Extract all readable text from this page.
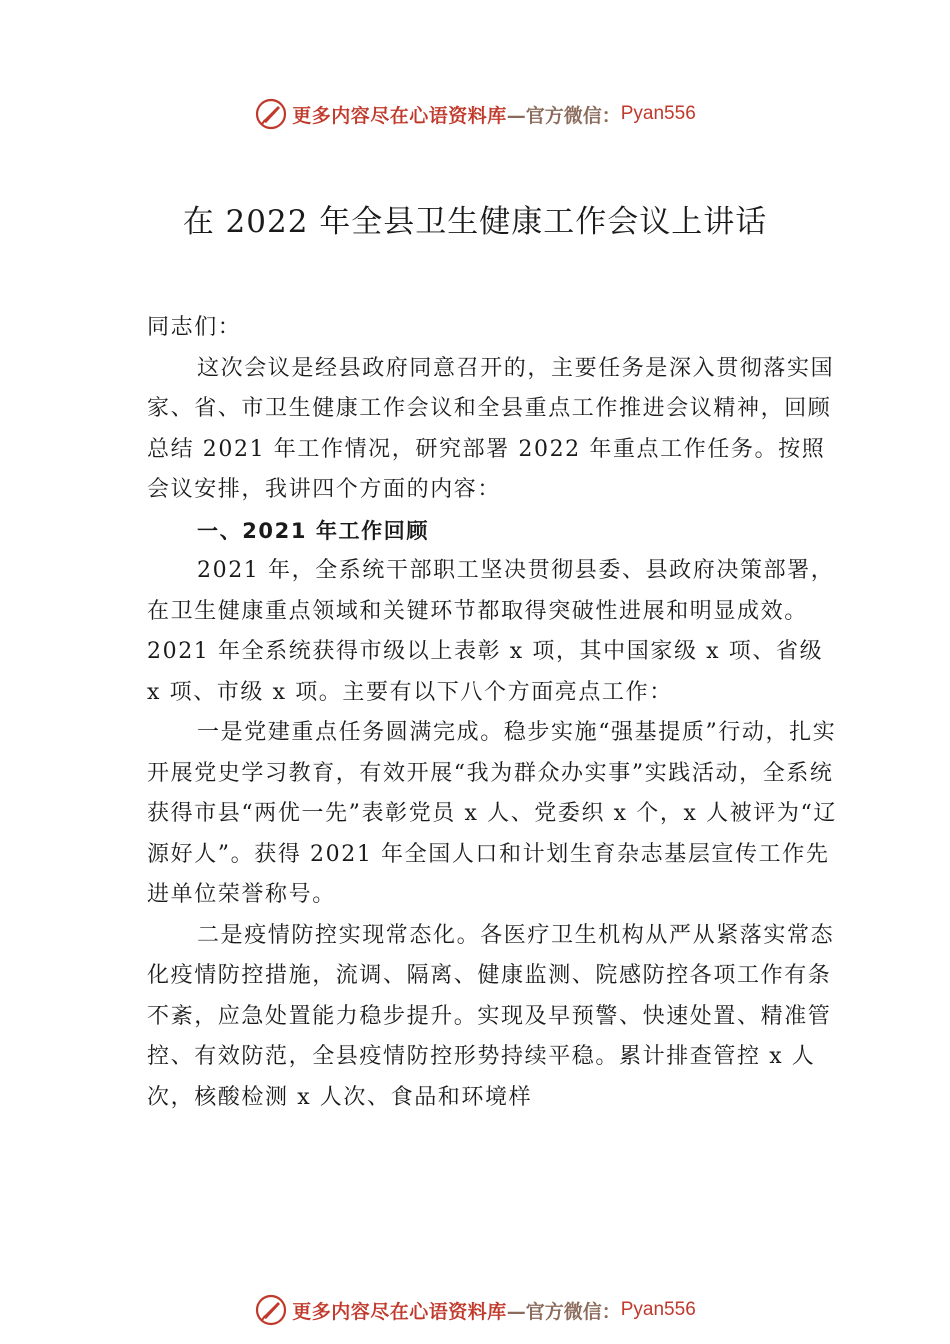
更多内容尽在心语资料库 —官方微信： Pyan556
在 2022 年全县卫生健康工作会议上讲话

同志们：

这次会议是经县政府同意召开的，主要任务是深入贯彻落实国家、省、市卫生健康工作会议和全县重点工作推进会议精神，回顾总结 2021 年工作情况，研究部署 2022 年重点工作任务。按照会议安排，我讲四个方面的内容：

一、2021 年工作回顾

2021 年，全系统干部职工坚决贯彻县委、县政府决策部署，在卫生健康重点领域和关键环节都取得突破性进展和明显成效。2021 年全系统获得市级以上表彰 x 项，其中国家级 x 项、省级 x 项、市级 x 项。主要有以下八个方面亮点工作：

一是党建重点任务圆满完成。稳步实施“强基提质”行动，扎实开展党史学习教育，有效开展“我为群众办实事”实践活动，全系统获得市县“两优一先”表彰党员 x 人、党委织 x 个，x 人被评为“辽源好人”。获得 2021 年全国人口和计划生育杂志基层宣传工作先进单位荣誉称号。

二是疫情防控实现常态化。各医疗卫生机构从严从紧落实常态化疫情防控措施，流调、隔离、健康监测、院感防控各项工作有条不紊，应急处置能力稳步提升。实现及早预警、快速处置、精准管控、有效防范，全县疫情防控形势持续平稳。累计排查管控 x 人次，核酸检测 x 人次、食品和环境样

更多内容尽在心语资料库 —官方微信： Pyan556
